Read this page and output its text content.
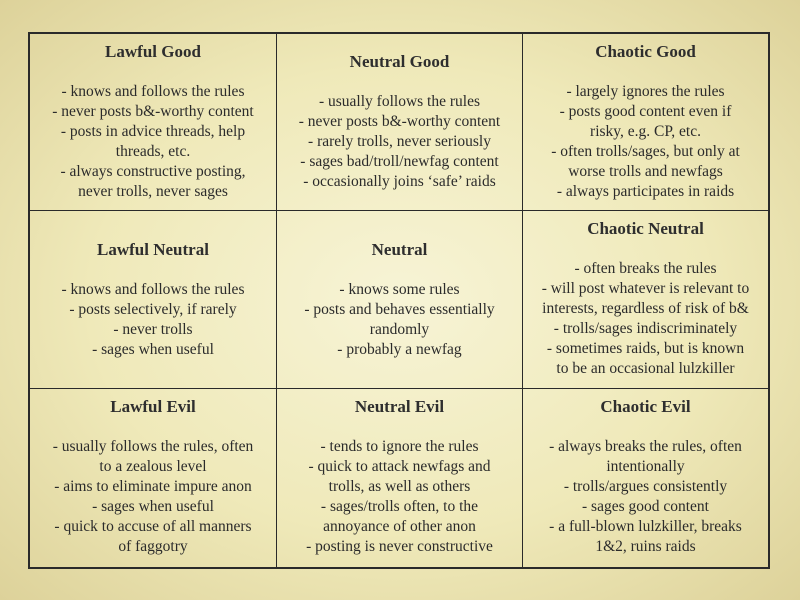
Lawful Good
- knows and follows the rules
- never posts b&-worthy content
- posts in advice threads, help
threads, etc.
- always constructive posting,
never trolls, never sages
Neutral Good
- usually follows the rules
- never posts b&-worthy content
- rarely trolls, never seriously
- sages bad/troll/newfag content
- occasionally joins ‘safe’ raids
Chaotic Good
- largely ignores the rules
- posts good content even if
risky, e.g. CP, etc.
- often trolls/sages, but only at
worse trolls and newfags
- always participates in raids
Lawful Neutral
- knows and follows the rules
- posts selectively, if rarely
- never trolls
- sages when useful
Neutral
- knows some rules
- posts and behaves essentially
randomly
- probably a newfag
Chaotic Neutral
- often breaks the rules
- will post whatever is relevant to
interests, regardless of risk of b&
- trolls/sages indiscriminately
- sometimes raids, but is known
to be an occasional lulzkiller
Lawful Evil
- usually follows the rules, often
to a zealous level
- aims to eliminate impure anon
- sages when useful
- quick to accuse of all manners
of faggotry
Neutral Evil
- tends to ignore the rules
- quick to attack newfags and
trolls, as well as others
- sages/trolls often, to the
annoyance of other anon
- posting is never constructive
Chaotic Evil
- always breaks the rules, often
intentionally
- trolls/argues consistently
- sages good content
- a full-blown lulzkiller, breaks
1&2, ruins raids
